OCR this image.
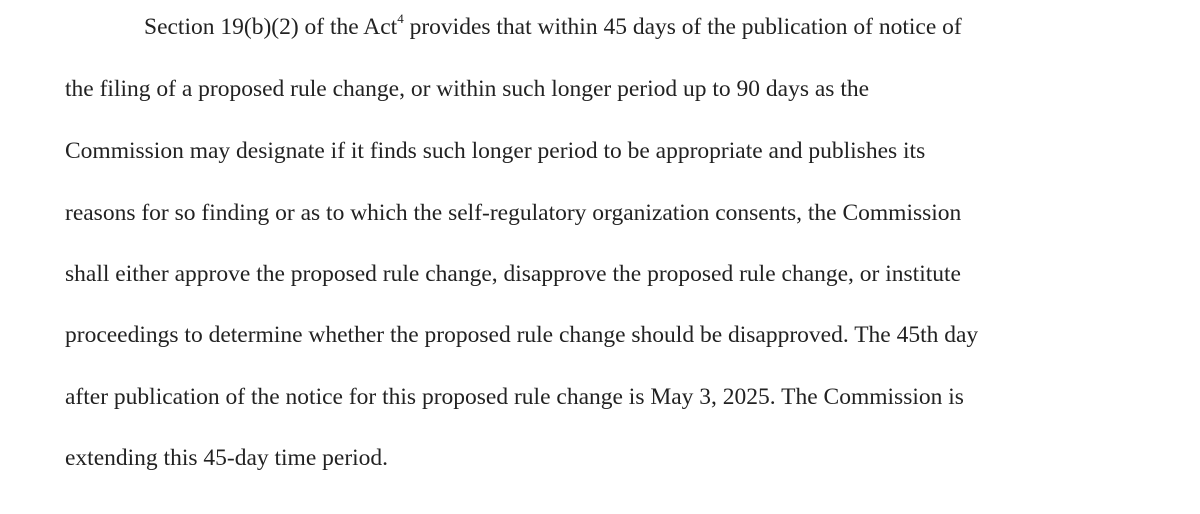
Section 19(b)(2) of the Act$^4$ provides that within 45 days of the publication of notice of
the filing of a proposed rule change, or within such longer period up to 90 days as the
Commission may designate if it finds such longer period to be appropriate and publishes its
reasons for so finding or as to which the self-regulatory organization consents, the Commission
shall either approve the proposed rule change, disapprove the proposed rule change, or institute
proceedings to determine whether the proposed rule change should be disapproved. The 45th day
after publication of the notice for this proposed rule change is May 3, 2025. The Commission is
extending this 45-day time period.
